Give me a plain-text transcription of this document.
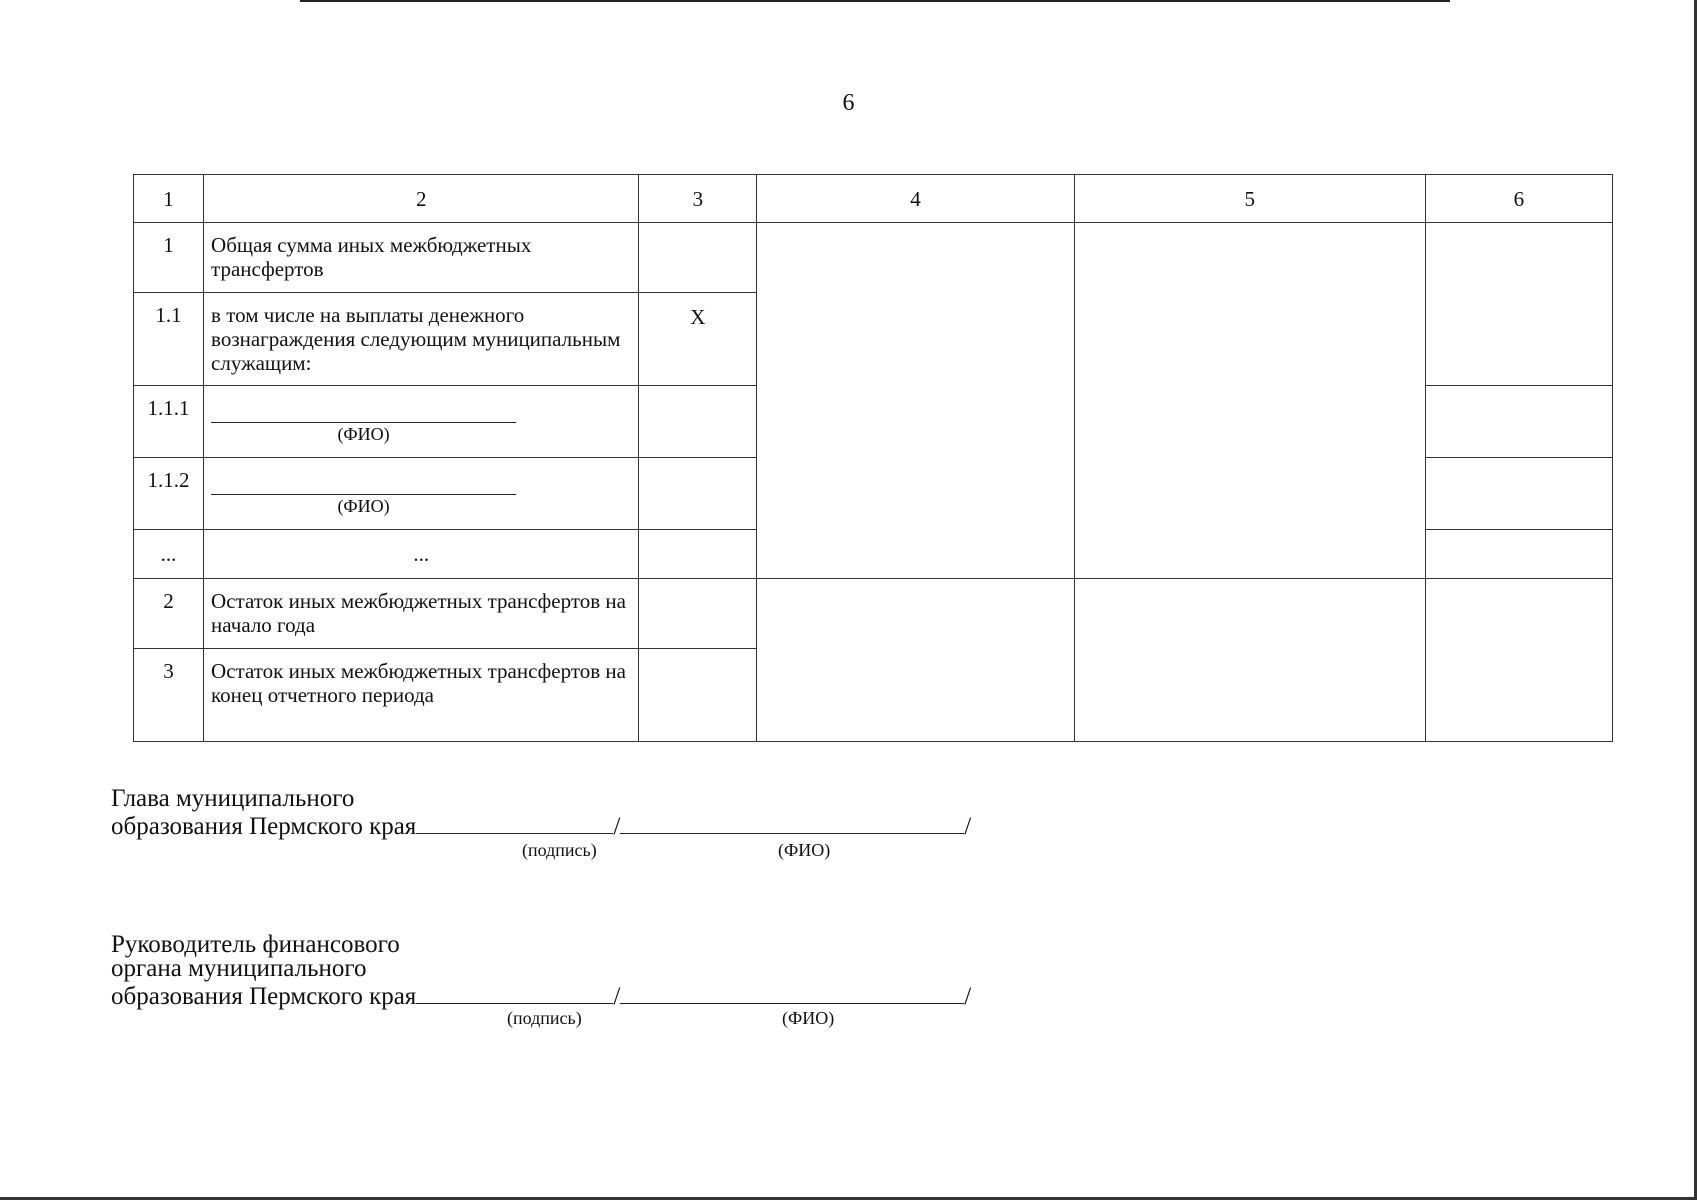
6
1	2	3	4	5	6
1	Общая сумма иных межбюджетных трансфертов				
1.1	в том числе на выплаты денежного вознаграждения следующим муниципальным служащим:	Х			
1.1.1	(ФИО)				

1.1.2	(ФИО)				

...	...				
2	Остаток иных межбюджетных трансфертов на начало года				
3	Остаток иных межбюджетных трансфертов на конец отчетного периода				
Глава муниципального
образования Пермского края	/	/
(подпись)	(ФИО)
Руководитель финансового
органа муниципального
образования Пермского края	/	/
(подпись)	(ФИО)
